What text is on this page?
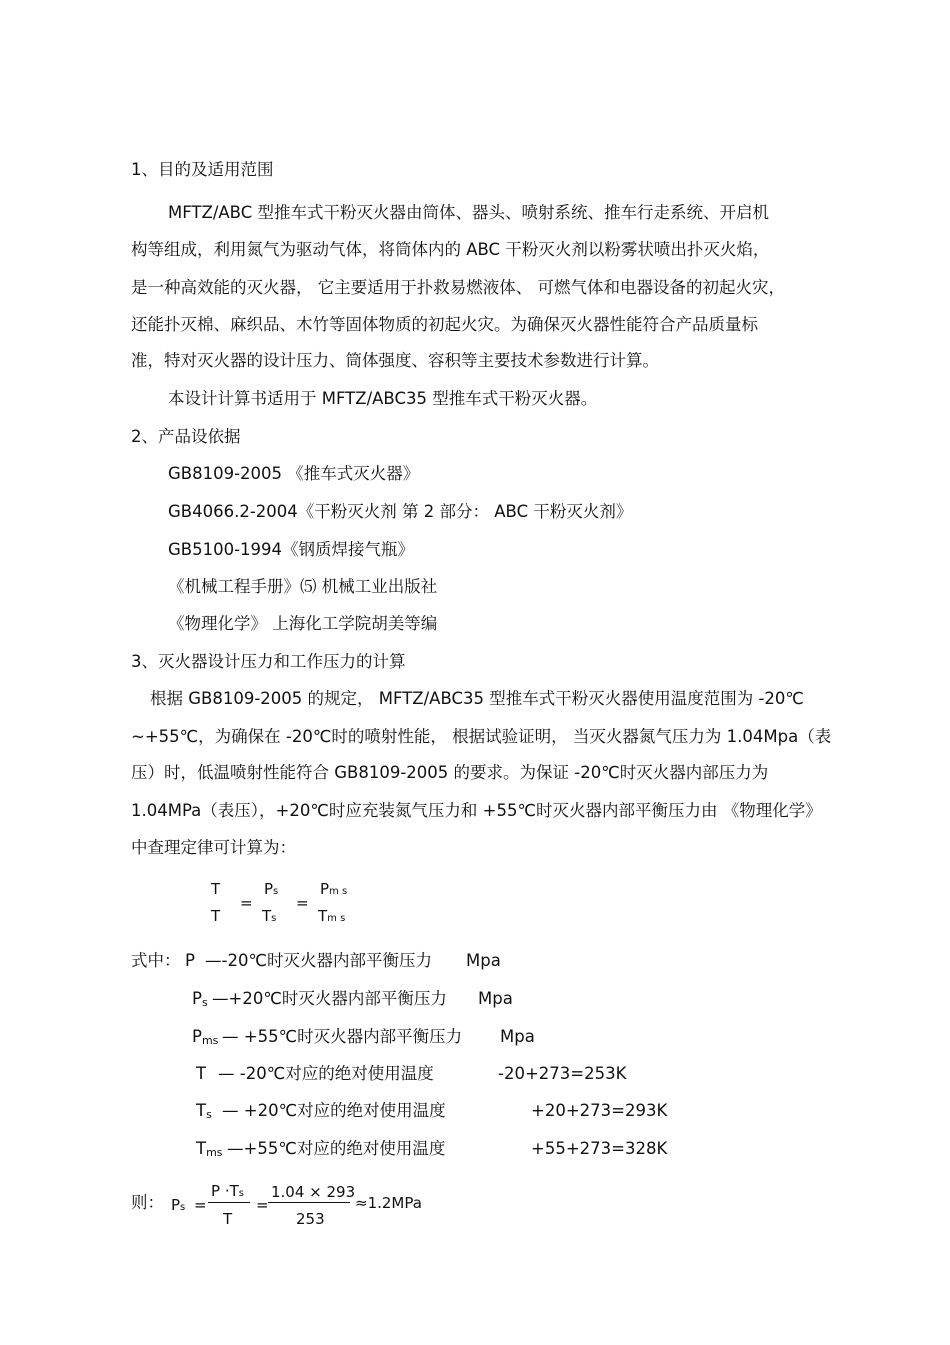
1、目的及适用范围
MFTZ/ABC 型推车式干粉灭火器由筒体、器头、喷射系统、推车行走系统、开启机
构等组成，利用氮气为驱动气体，将筒体内的 ABC 干粉灭火剂以粉雾状喷出扑灭火焰，
是一种高效能的灭火器， 它主要适用于扑救易燃液体、 可燃气体和电器设备的初起火灾，
还能扑灭棉、麻织品、木竹等固体物质的初起火灾。为确保灭火器性能符合产品质量标
准，特对灭火器的设计压力、筒体强度、容积等主要技术参数进行计算。
本设计计算书适用于 MFTZ/ABC35 型推车式干粉灭火器。
2、产品设依据
GB8109-2005 《推车式灭火器》
GB4066.2-2004《干粉灭火剂 第 2 部分： ABC 干粉灭火剂》
GB5100-1994《钢质焊接气瓶》
《机械工程手册》⑸ 机械工业出版社
《物理化学》 上海化工学院胡美等编
3、灭火器设计压力和工作压力的计算
根据 GB8109-2005 的规定， MFTZ/ABC35 型推车式干粉灭火器使用温度范围为 -20℃
~+55℃，为确保在 -20℃时的喷射性能， 根据试验证明， 当灭火器氮气压力为 1.04Mpa（表
压）时，低温喷射性能符合 GB8109-2005 的要求。为保证 -20℃时灭火器内部压力为
1.04MPa（表压），+20℃时应充装氮气压力和 +55℃时灭火器内部平衡压力由 《物理化学》
中查理定律可计算为：
T
T
=
Ps
Ts
=
Pm s
Tm s
式中： P —-20℃时灭火器内部平衡压力 Mpa
Ps —+20℃时灭火器内部平衡压力 Mpa
Pms — +55℃时灭火器内部平衡压力 Mpa
T — -20℃对应的绝对使用温度	-20+273=253K
Ts — +20℃对应的绝对使用温度	+20+273=293K
Tms —+55℃对应的绝对使用温度	+55+273=328K
则： Ps =
P ·Ts
T
=
1.04 × 293
253
≈1.2MPa
